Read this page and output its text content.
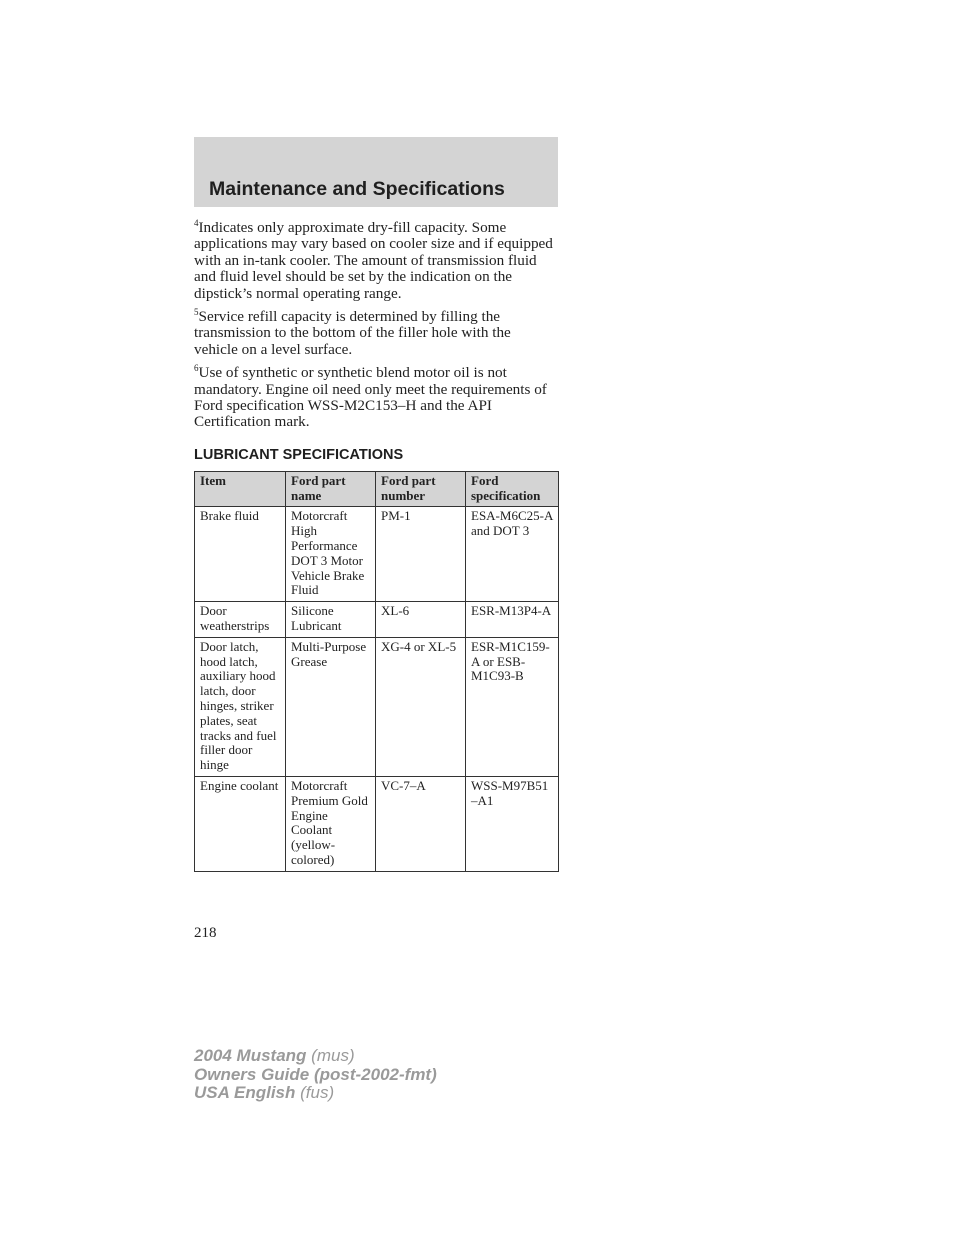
Maintenance and Specifications

$^4$Indicates only approximate dry-fill capacity. Some applications may vary based on cooler size and if equipped with an in-tank cooler. The amount of transmission fluid and fluid level should be set by the indication on the dipstick’s normal operating range.

$^5$Service refill capacity is determined by filling the transmission to the bottom of the filler hole with the vehicle on a level surface.

$^6$Use of synthetic or synthetic blend motor oil is not mandatory. Engine oil need only meet the requirements of Ford specification WSS-M2C153–H and the API Certification mark.

LUBRICANT SPECIFICATIONS
Item	Ford part name	Ford part number	Ford specification
Brake fluid	Motorcraft High Performance DOT 3 Motor Vehicle Brake Fluid	PM-1	ESA-M6C25-A and DOT 3
Door weatherstrips	Silicone Lubricant	XL-6	ESR-M13P4-A
Door latch, hood latch, auxiliary hood latch, door hinges, striker plates, seat tracks and fuel filler door hinge	Multi-Purpose Grease	XG-4 or XL-5	ESR-M1C159-A or ESB-M1C93-B
Engine coolant	Motorcraft Premium Gold Engine Coolant (yellow-colored)	VC-7–A	WSS-M97B51 –A1
218
2004 Mustang (mus)
Owners Guide (post-2002-fmt)
USA English (fus)
